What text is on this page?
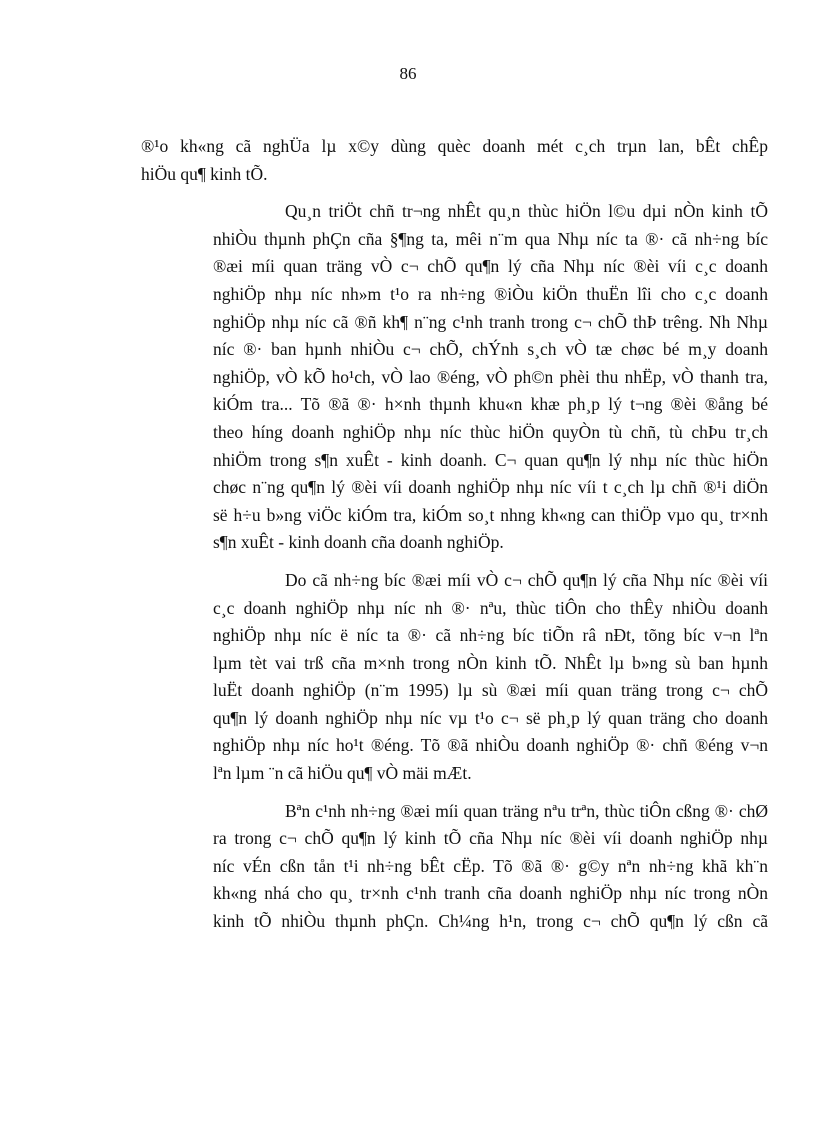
86
®¹o kh«ng cã nghÜa lµ x©y dùng quèc doanh mét c¸ch trµn lan, bÊt chÊp
hiÖu qu¶ kinh tÕ.
Qu¸n triÖt chñ tr¬ng nhÊt qu¸n thùc hiÖn l©u dµi nÒn kinh tÕ
nhiÒu thµnh phÇn cña §¶ng ta, mêi n¨m qua Nhµ níc ta ®· cã nh÷ng bíc
®æi míi quan träng vÒ c¬ chÕ qu¶n lý cña Nhµ níc ®èi víi c¸c doanh
nghiÖp nhµ níc nh»m t¹o ra nh÷ng ®iÒu kiÖn thuËn lîi cho c¸c doanh
nghiÖp nhµ níc cã ®ñ kh¶ n¨ng c¹nh tranh trong c¬ chÕ thÞ trêng. Nh Nhµ
níc ®· ban hµnh nhiÒu c¬ chÕ, chÝnh s¸ch vÒ tæ chøc bé m¸y doanh
nghiÖp, vÒ kÕ ho¹ch, vÒ lao ®éng, vÒ ph©n phèi thu nhËp, vÒ thanh tra,
kiÓm tra... Tõ ®ã ®· h×nh thµnh khu«n khæ ph¸p lý t¬ng ®èi ®ång bé
theo híng doanh nghiÖp nhµ níc thùc hiÖn quyÒn tù chñ, tù chÞu tr¸ch
nhiÖm trong s¶n xuÊt - kinh doanh. C¬ quan qu¶n lý nhµ níc thùc hiÖn
chøc n¨ng qu¶n lý ®èi víi doanh nghiÖp nhµ níc víi t c¸ch lµ chñ ®¹i diÖn
së h÷u b»ng viÖc kiÓm tra, kiÓm so¸t nhng kh«ng can thiÖp vµo qu¸ tr×nh
s¶n xuÊt - kinh doanh cña doanh nghiÖp.
Do cã nh÷ng bíc ®æi míi vÒ c¬ chÕ qu¶n lý cña Nhµ níc ®èi víi
c¸c doanh nghiÖp nhµ níc nh ®· nªu, thùc tiÔn cho thÊy nhiÒu doanh
nghiÖp nhµ níc ë níc ta ®· cã nh÷ng bíc tiÕn râ nÐt, tõng bíc v¬n lªn
lµm tèt vai trß cña m×nh trong nÒn kinh tÕ. NhÊt lµ b»ng sù ban hµnh
luËt doanh nghiÖp (n¨m 1995) lµ sù ®æi míi quan träng trong c¬ chÕ
qu¶n lý doanh nghiÖp nhµ níc vµ t¹o c¬ së ph¸p lý quan träng cho doanh
nghiÖp nhµ níc ho¹t ®éng. Tõ ®ã nhiÒu doanh nghiÖp ®· chñ ®éng v¬n
lªn lµm ¨n cã hiÖu qu¶ vÒ mäi mÆt.
Bªn c¹nh nh÷ng ®æi míi quan träng nªu trªn, thùc tiÔn cßng ®· chØ
ra trong c¬ chÕ qu¶n lý kinh tÕ cña Nhµ níc ®èi víi doanh nghiÖp nhµ
níc vÉn cßn tån t¹i nh÷ng bÊt cËp. Tõ ®ã ®· g©y nªn nh÷ng khã kh¨n
kh«ng nhá cho qu¸ tr×nh c¹nh tranh cña doanh nghiÖp nhµ níc trong nÒn
kinh tÕ nhiÒu thµnh phÇn. Ch¼ng h¹n, trong c¬ chÕ qu¶n lý cßn cã
